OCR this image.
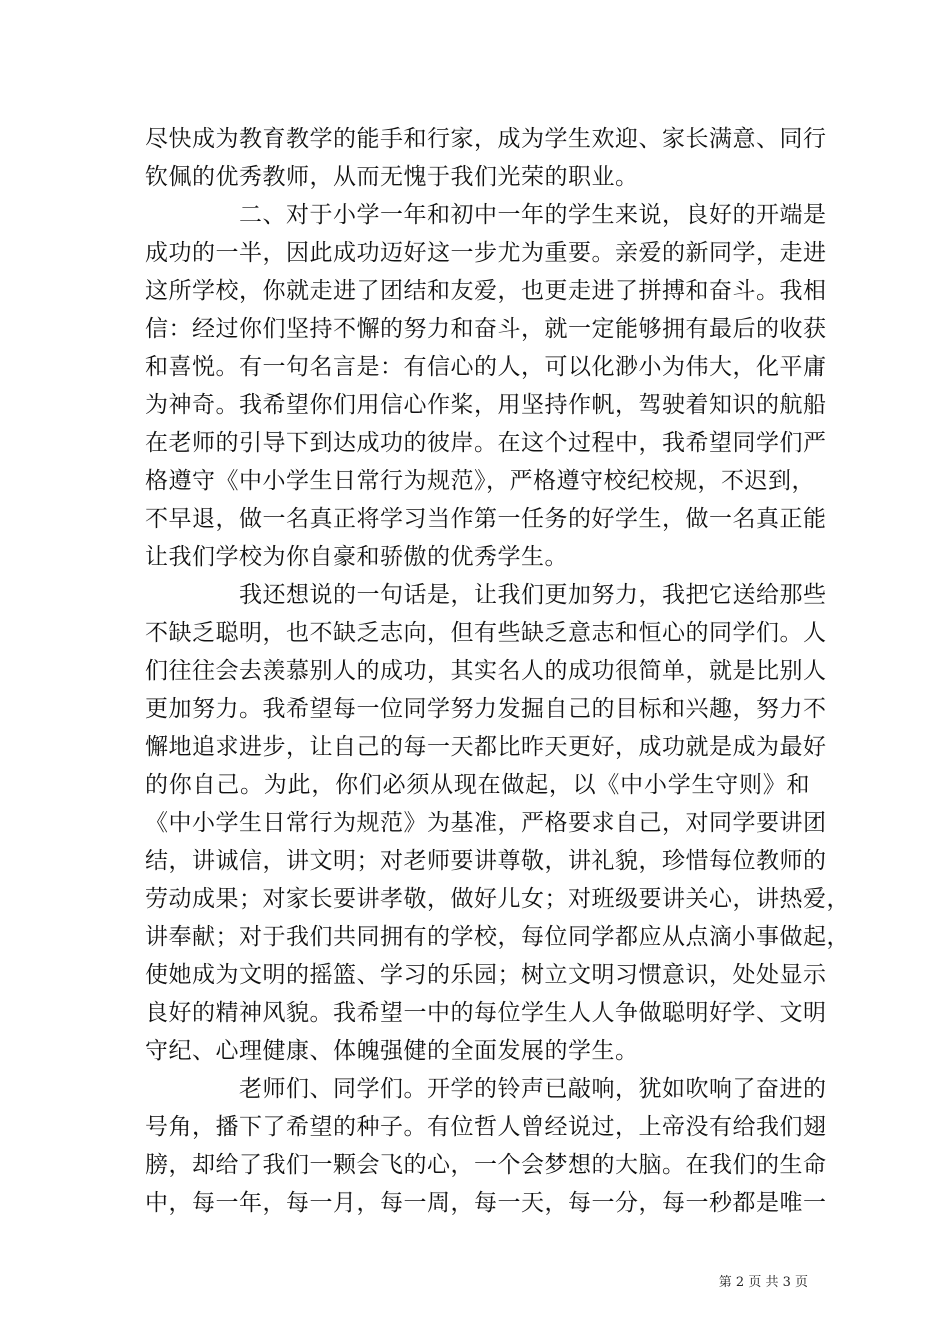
尽快成为教育教学的能手和行家，成为学生欢迎、家长满意、同行
钦佩的优秀教师，从而无愧于我们光荣的职业。
二、对于小学一年和初中一年的学生来说，良好的开端是
成功的一半，因此成功迈好这一步尤为重要。亲爱的新同学，走进
这所学校，你就走进了团结和友爱，也更走进了拼搏和奋斗。我相
信：经过你们坚持不懈的努力和奋斗，就一定能够拥有最后的收获
和喜悦。有一句名言是：有信心的人，可以化渺小为伟大，化平庸
为神奇。我希望你们用信心作桨，用坚持作帆，驾驶着知识的航船
在老师的引导下到达成功的彼岸。在这个过程中，我希望同学们严
格遵守《中小学生日常行为规范》，严格遵守校纪校规，不迟到，
不早退，做一名真正将学习当作第一任务的好学生，做一名真正能
让我们学校为你自豪和骄傲的优秀学生。
我还想说的一句话是，让我们更加努力，我把它送给那些
不缺乏聪明，也不缺乏志向，但有些缺乏意志和恒心的同学们。人
们往往会去羡慕别人的成功，其实名人的成功很简单，就是比别人
更加努力。我希望每一位同学努力发掘自己的目标和兴趣，努力不
懈地追求进步，让自己的每一天都比昨天更好，成功就是成为最好
的你自己。为此，你们必须从现在做起，以《中小学生守则》和
《中小学生日常行为规范》为基准，严格要求自己，对同学要讲团
结，讲诚信，讲文明；对老师要讲尊敬，讲礼貌，珍惜每位教师的
劳动成果；对家长要讲孝敬，做好儿女；对班级要讲关心，讲热爱，
讲奉献；对于我们共同拥有的学校，每位同学都应从点滴小事做起，
使她成为文明的摇篮、学习的乐园；树立文明习惯意识，处处显示
良好的精神风貌。我希望一中的每位学生人人争做聪明好学、文明
守纪、心理健康、体魄强健的全面发展的学生。
老师们、同学们。开学的铃声已敲响，犹如吹响了奋进的
号角，播下了希望的种子。有位哲人曾经说过，上帝没有给我们翅
膀，却给了我们一颗会飞的心，一个会梦想的大脑。在我们的生命
中，每一年，每一月，每一周，每一天，每一分，每一秒都是唯一
第 2 页 共 3 页
